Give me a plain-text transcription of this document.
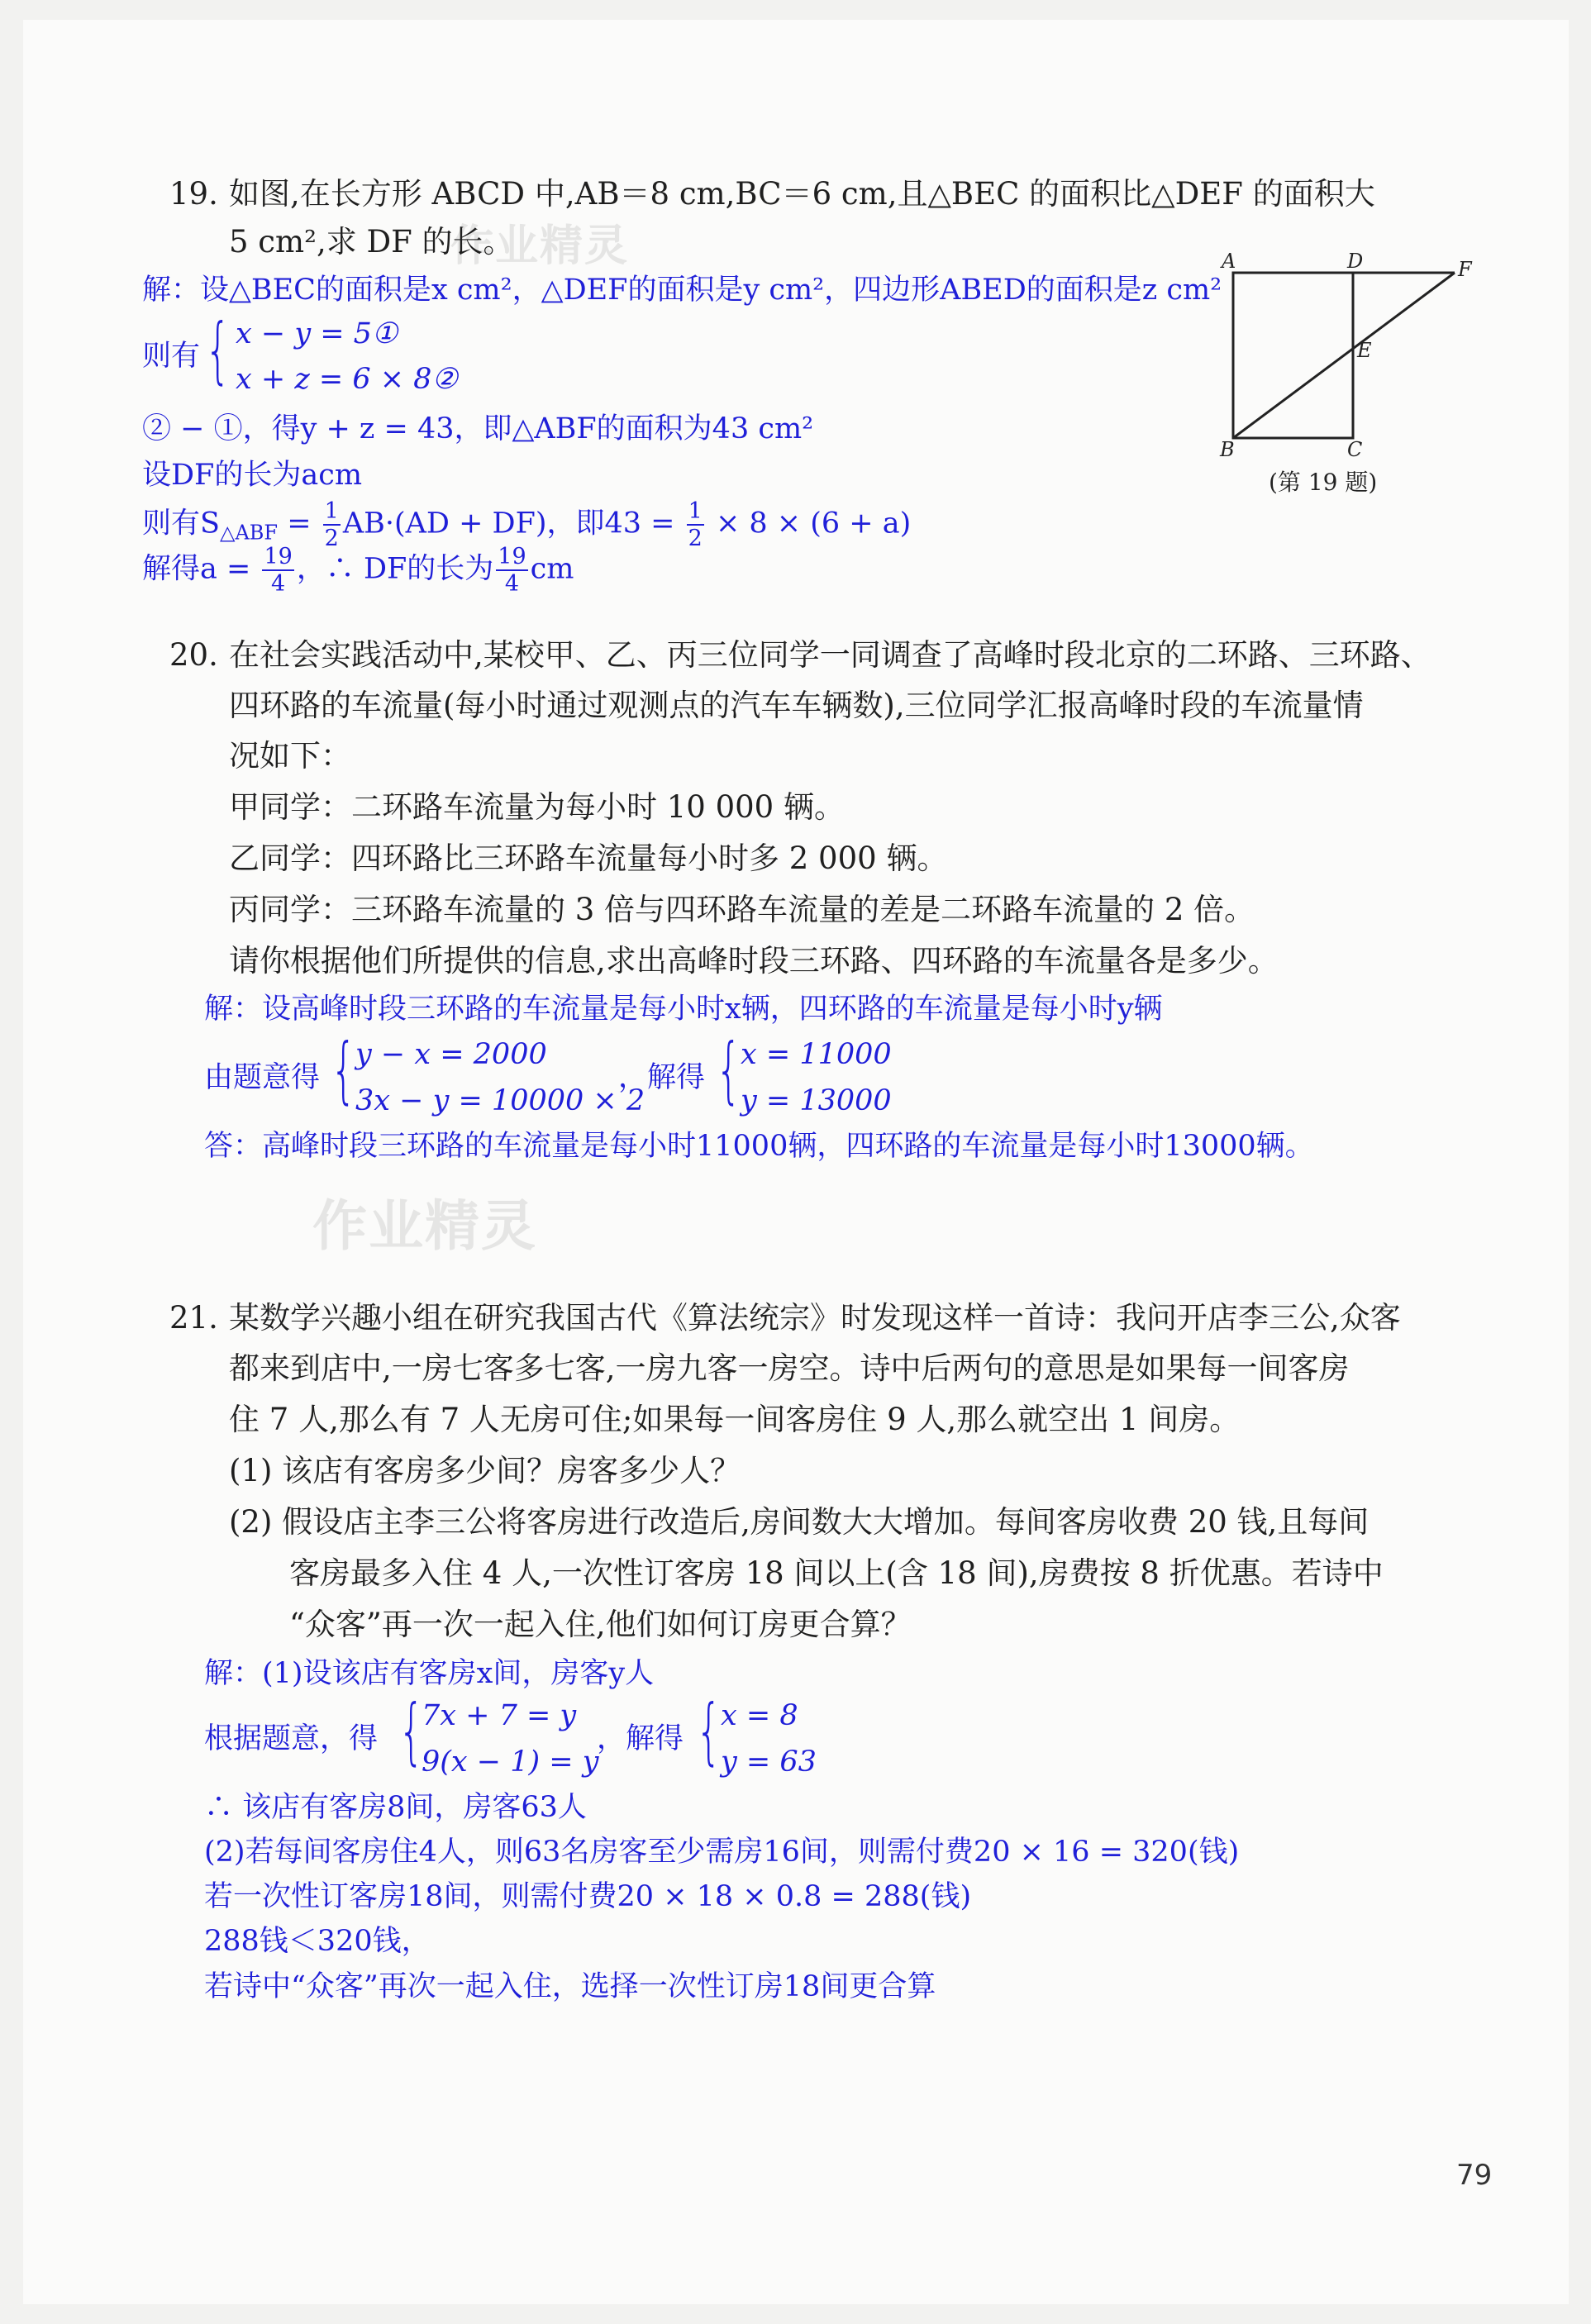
作业精灵
作业精灵
19. 如图,在长方形 ABCD 中,AB＝8 cm,BC＝6 cm,且△BEC 的面积比△DEF 的面积大
5 cm²,求 DF 的长。
A	D	F
E
B	C
(第 19 题)
解：设△BEC的面积是x cm²，△DEF的面积是y cm²，四边形ABED的面积是z cm²
则有 { x − y = 5①
x + z = 6 × 8②
② − ①，得y + z = 43，即△ABF的面积为43 cm²
设DF的长为acm
则有$S_{\triangle ABF} = \frac{1}{2} AB\cdot(AD + DF)$，即$43 = \frac{1}{2} \times 8 \times (6 + a)$
解得$a = \frac{19}{4}$ ，∴ DF的长为 $\frac{19}{4}$ cm
20. 在社会实践活动中,某校甲、乙、丙三位同学一同调查了高峰时段北京的二环路、三环路、
四环路的车流量(每小时通过观测点的汽车车辆数),三位同学汇报高峰时段的车流量情
况如下：
甲同学：二环路车流量为每小时 10 000 辆。
乙同学：四环路比三环路车流量每小时多 2 000 辆。
丙同学：三环路车流量的 3 倍与四环路车流量的差是二环路车流量的 2 倍。
请你根据他们所提供的信息,求出高峰时段三环路、四环路的车流量各是多少。
解：设高峰时段三环路的车流量是每小时x辆，四环路的车流量是每小时y辆
由题意得 {
y − x = 2000
3x − y = 10000 × 2
，解得 {
x = 11000
y = 13000
答：高峰时段三环路的车流量是每小时11000辆，四环路的车流量是每小时13000辆。
21. 某数学兴趣小组在研究我国古代《算法统宗》时发现这样一首诗：我问开店李三公,众客
都来到店中,一房七客多七客,一房九客一房空。诗中后两句的意思是如果每一间客房
住 7 人,那么有 7 人无房可住;如果每一间客房住 9 人,那么就空出 1 间房。
(1) 该店有客房多少间？房客多少人？
(2) 假设店主李三公将客房进行改造后,房间数大大增加。每间客房收费 20 钱,且每间
客房最多入住 4 人,一次性订客房 18 间以上(含 18 间),房费按 8 折优惠。若诗中
“众客”再一次一起入住,他们如何订房更合算？
解：(1)设该店有客房x间，房客y人
根据题意，得 {
7x + 7 = y
9(x − 1) = y
，解得 {
x = 8
y = 63
∴ 该店有客房8间，房客63人
(2)若每间客房住4人，则63名房客至少需房16间，则需付费20 × 16 = 320(钱)
若一次性订客房18间，则需付费20 × 18 × 0.8 = 288(钱)
288钱＜320钱，
若诗中“众客”再次一起入住，选择一次性订房18间更合算
79
